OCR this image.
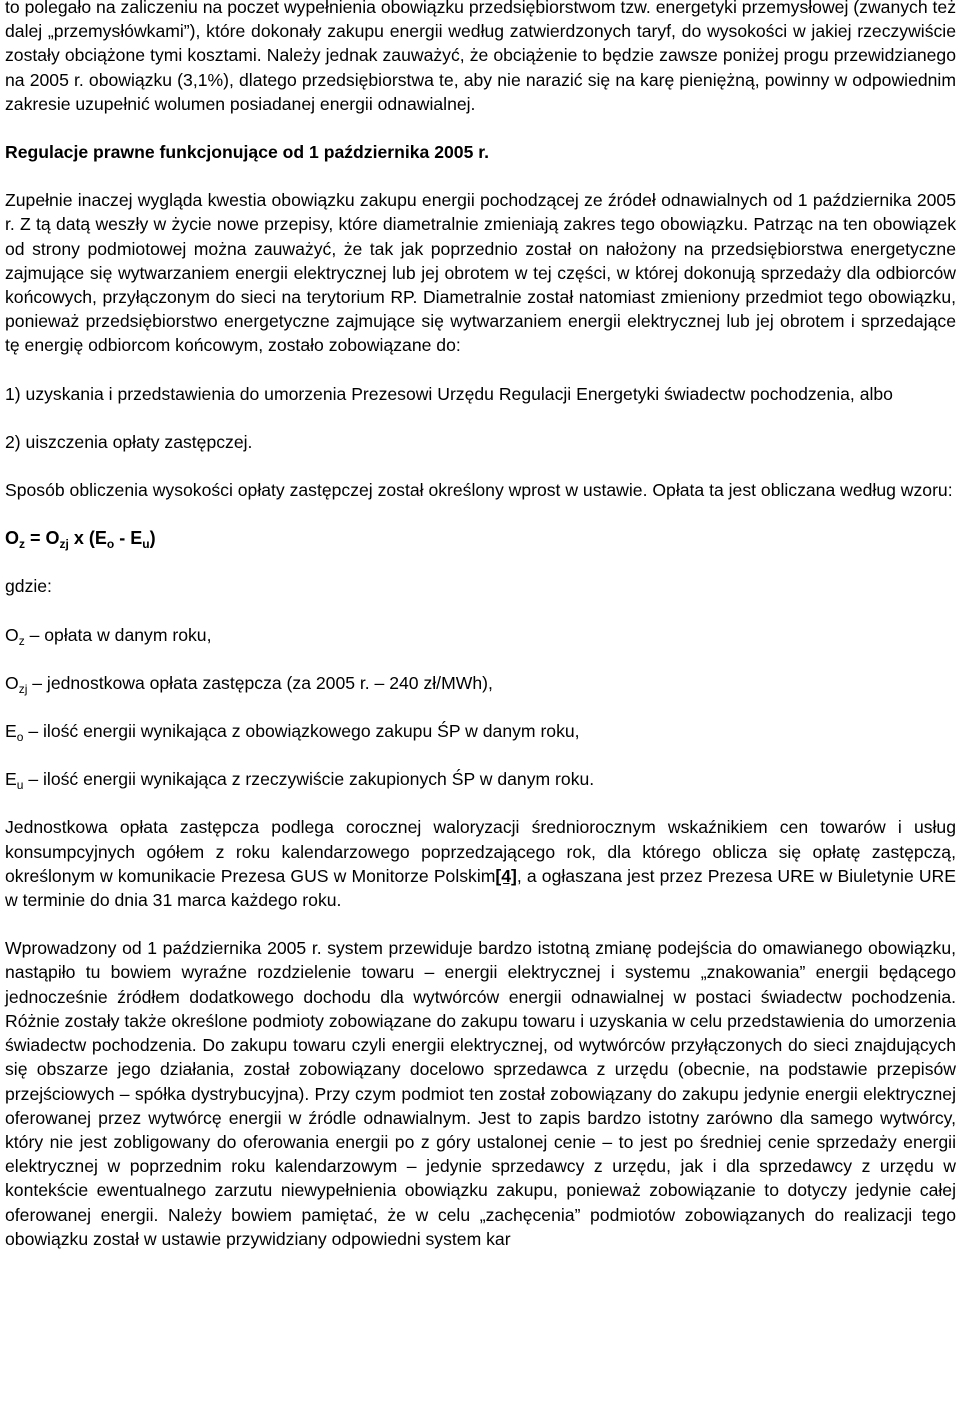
to polegało na zaliczeniu na poczet wypełnienia obowiązku przedsiębiorstwom tzw. energetyki przemysłowej (zwanych też dalej „przemysłówkami”), które dokonały zakupu energii według zatwierdzonych taryf, do wysokości w jakiej rzeczywiście zostały obciążone tymi kosztami. Należy jednak zauważyć, że obciążenie to będzie zawsze poniżej progu przewidzianego na 2005 r. obowiązku (3,1%), dlatego przedsiębiorstwa te, aby nie narazić się na karę pieniężną, powinny w odpowiednim zakresie uzupełnić wolumen posiadanej energii odnawialnej.

Regulacje prawne funkcjonujące od 1 października 2005 r.

Zupełnie inaczej wygląda kwestia obowiązku zakupu energii pochodzącej ze źródeł odnawialnych od 1 października 2005 r. Z tą datą weszły w życie nowe przepisy, które diametralnie zmieniają zakres tego obowiązku. Patrząc na ten obowiązek od strony podmiotowej można zauważyć, że tak jak poprzednio został on nałożony na przedsiębiorstwa energetyczne zajmujące się wytwarzaniem energii elektrycznej lub jej obrotem w tej części, w której dokonują sprzedaży dla odbiorców końcowych, przyłączonym do sieci na terytorium RP. Diametralnie został natomiast zmieniony przedmiot tego obowiązku, ponieważ przedsiębiorstwo energetyczne zajmujące się wytwarzaniem energii elektrycznej lub jej obrotem i sprzedające tę energię odbiorcom końcowym, zostało zobowiązane do:

1) uzyskania i przedstawienia do umorzenia Prezesowi Urzędu Regulacji Energetyki świadectw pochodzenia, albo

2) uiszczenia opłaty zastępczej.

Sposób obliczenia wysokości opłaty zastępczej został określony wprost w ustawie. Opłata ta jest obliczana według wzoru:

$O_z = O_{zj}$ x $(E_o - E_u)$

gdzie:

$O_z$ – opłata w danym roku,

$O_{zj}$ – jednostkowa opłata zastępcza (za 2005 r. – 240 zł/MWh),

$E_o$ – ilość energii wynikająca z obowiązkowego zakupu ŚP w danym roku,

$E_u$ – ilość energii wynikająca z rzeczywiście zakupionych ŚP w danym roku.

Jednostkowa opłata zastępcza podlega corocznej waloryzacji średniorocznym wskaźnikiem cen towarów i usług konsumpcyjnych ogółem z roku kalendarzowego poprzedzającego rok, dla którego oblicza się opłatę zastępczą, określonym w komunikacie Prezesa GUS w Monitorze Polskim[4], a ogłaszana jest przez Prezesa URE w Biuletynie URE w terminie do dnia 31 marca każdego roku.

Wprowadzony od 1 października 2005 r. system przewiduje bardzo istotną zmianę podejścia do omawianego obowiązku, nastąpiło tu bowiem wyraźne rozdzielenie towaru – energii elektrycznej i systemu „znakowania” energii będącego jednocześnie źródłem dodatkowego dochodu dla wytwórców energii odnawialnej w postaci świadectw pochodzenia. Różnie zostały także określone podmioty zobowiązane do zakupu towaru i uzyskania w celu przedstawienia do umorzenia świadectw pochodzenia. Do zakupu towaru czyli energii elektrycznej, od wytwórców przyłączonych do sieci znajdujących się obszarze jego działania, został zobowiązany docelowo sprzedawca z urzędu (obecnie, na podstawie przepisów przejściowych – spółka dystrybucyjna). Przy czym podmiot ten został zobowiązany do zakupu jedynie energii elektrycznej oferowanej przez wytwórcę energii w źródle odnawialnym. Jest to zapis bardzo istotny zarówno dla samego wytwórcy, który nie jest zobligowany do oferowania energii po z góry ustalonej cenie – to jest po średniej cenie sprzedaży energii elektrycznej w poprzednim roku kalendarzowym – jedynie sprzedawcy z urzędu, jak i dla sprzedawcy z urzędu w kontekście ewentualnego zarzutu niewypełnienia obowiązku zakupu, ponieważ zobowiązanie to dotyczy jedynie całej oferowanej energii. Należy bowiem pamiętać, że w celu „zachęcenia” podmiotów zobowiązanych do realizacji tego obowiązku został w ustawie przywidziany odpowiedni system kar
